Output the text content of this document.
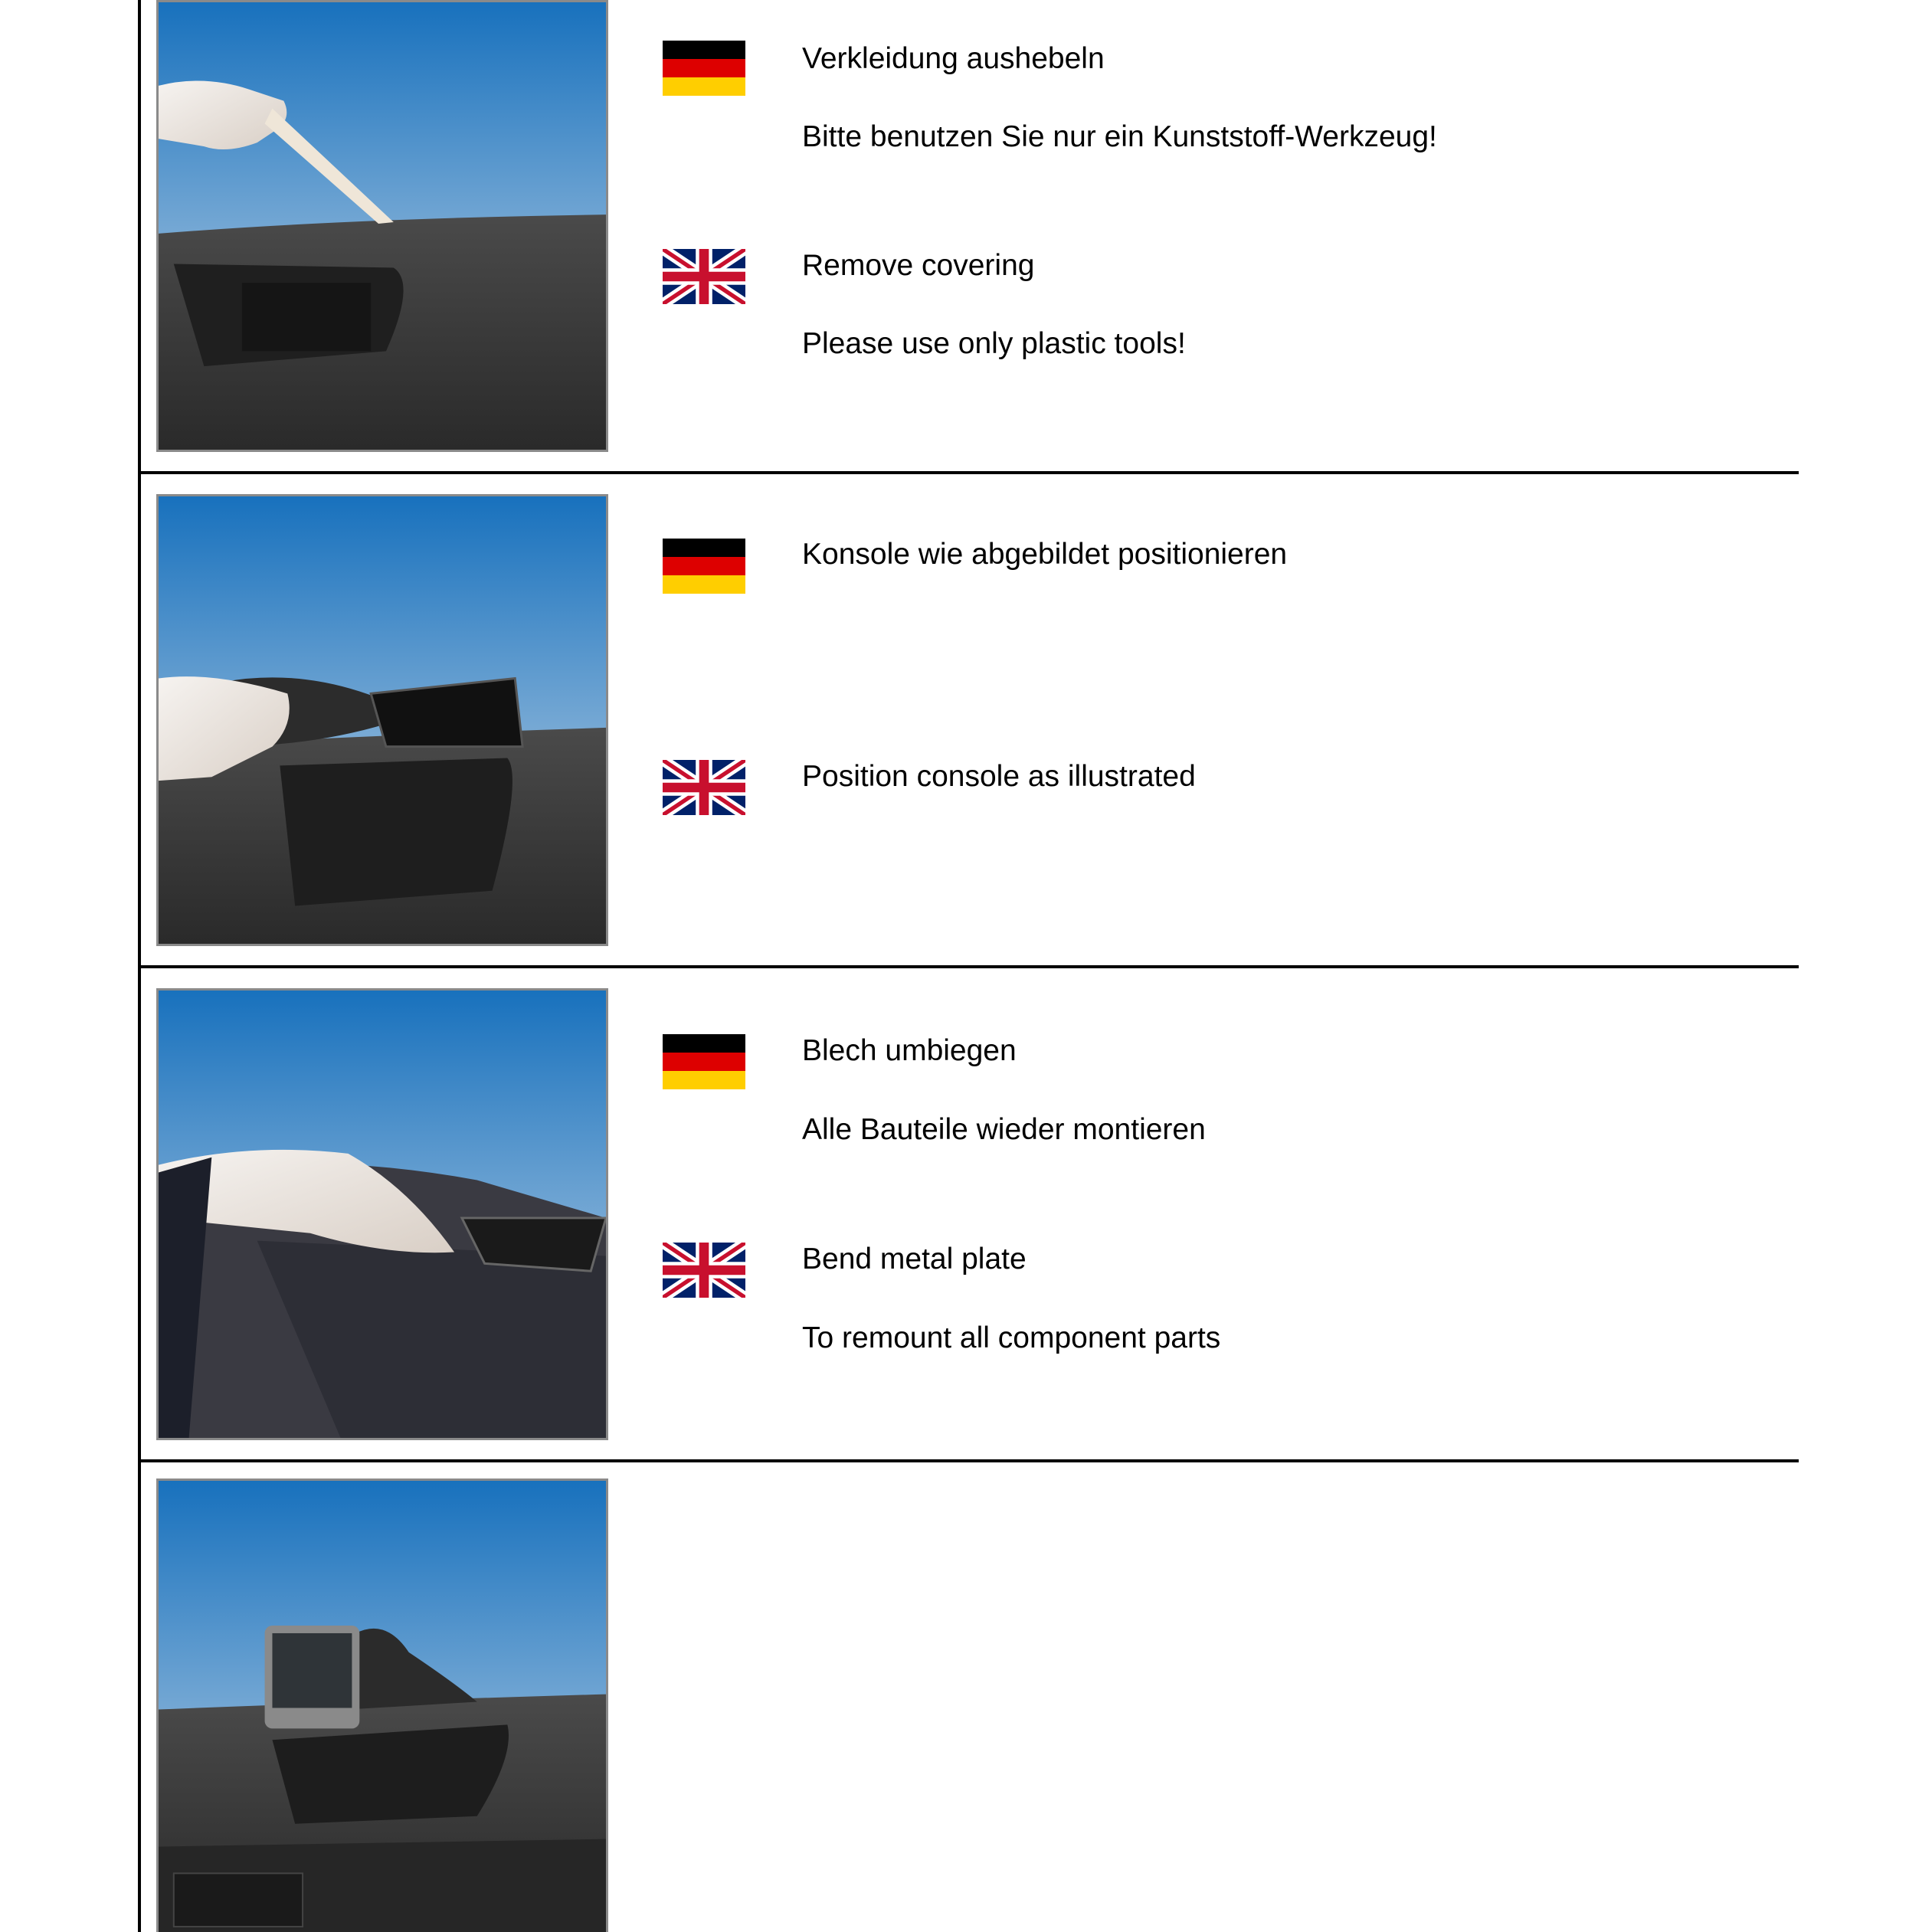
Verkleidung aushebeln
Bitte benutzen Sie nur ein Kunststoff-Werkzeug!
Remove covering
Please use only plastic tools!
Konsole wie abgebildet positionieren
Position console as illustrated
Blech umbiegen
Alle Bauteile wieder montieren
Bend metal plate
To remount all component parts
